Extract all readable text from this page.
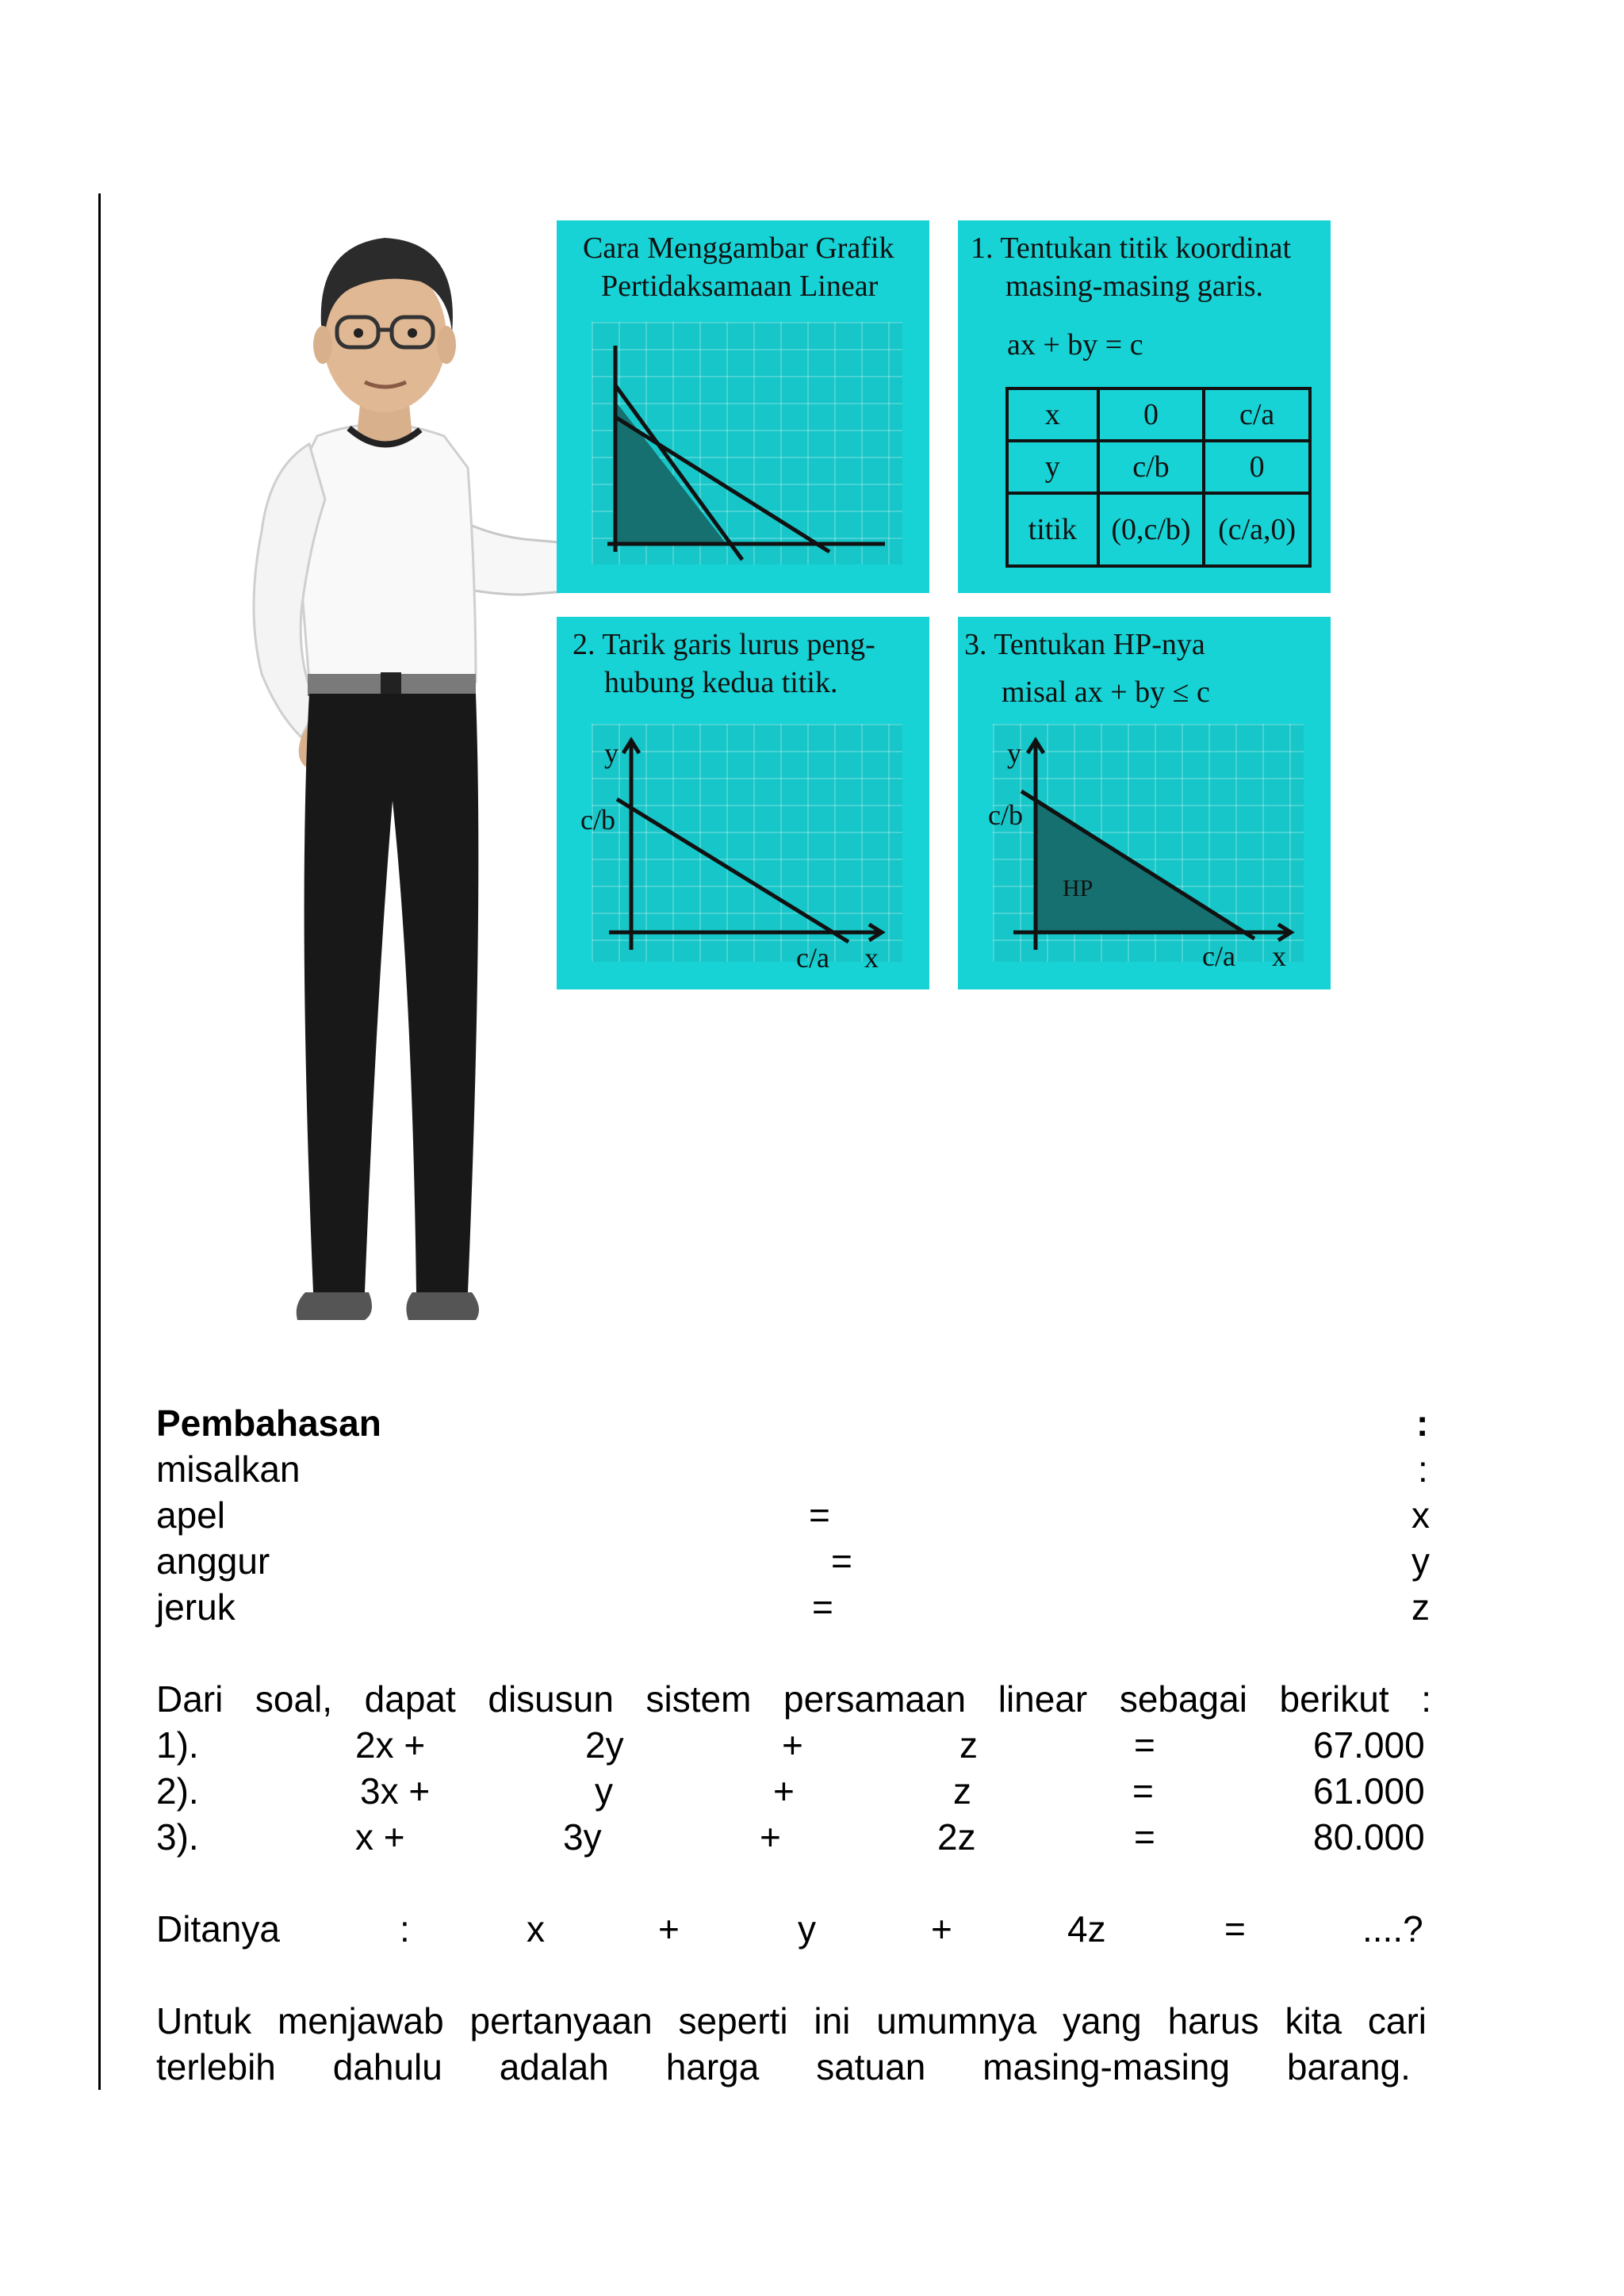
Cara Menggambar Grafik
Pertidaksamaan Linear
1. Tentukan titik koordinat
masing-masing garis.
ax + by = c
x	0	c/a
y	c/b	0
titik	(0,c/b)	(c/a,0)
2. Tarik garis lurus peng-
hubung kedua titik.
y
c/b
c/a x
3. Tentukan HP-nya
misal ax + by ≤ c
y
c/b
HP
c/a x
Pembahasan	:
misalkan	:
apel	=	x
anggur	=	y
jeruk	=	z
Dari soal, dapat disusun sistem persamaan linear sebagai berikut :
1).	2x +	2y	+	z	=	67.000
2).	3x +	y	+	z	=	61.000
3).	x +	3y	+	2z	=	80.000
Ditanya	:	x	+	y	+	4z	=	....?
Untuk menjawab pertanyaan seperti ini umumnya yang harus kita cari
terlebih dahulu adalah harga satuan masing-masing barang.
